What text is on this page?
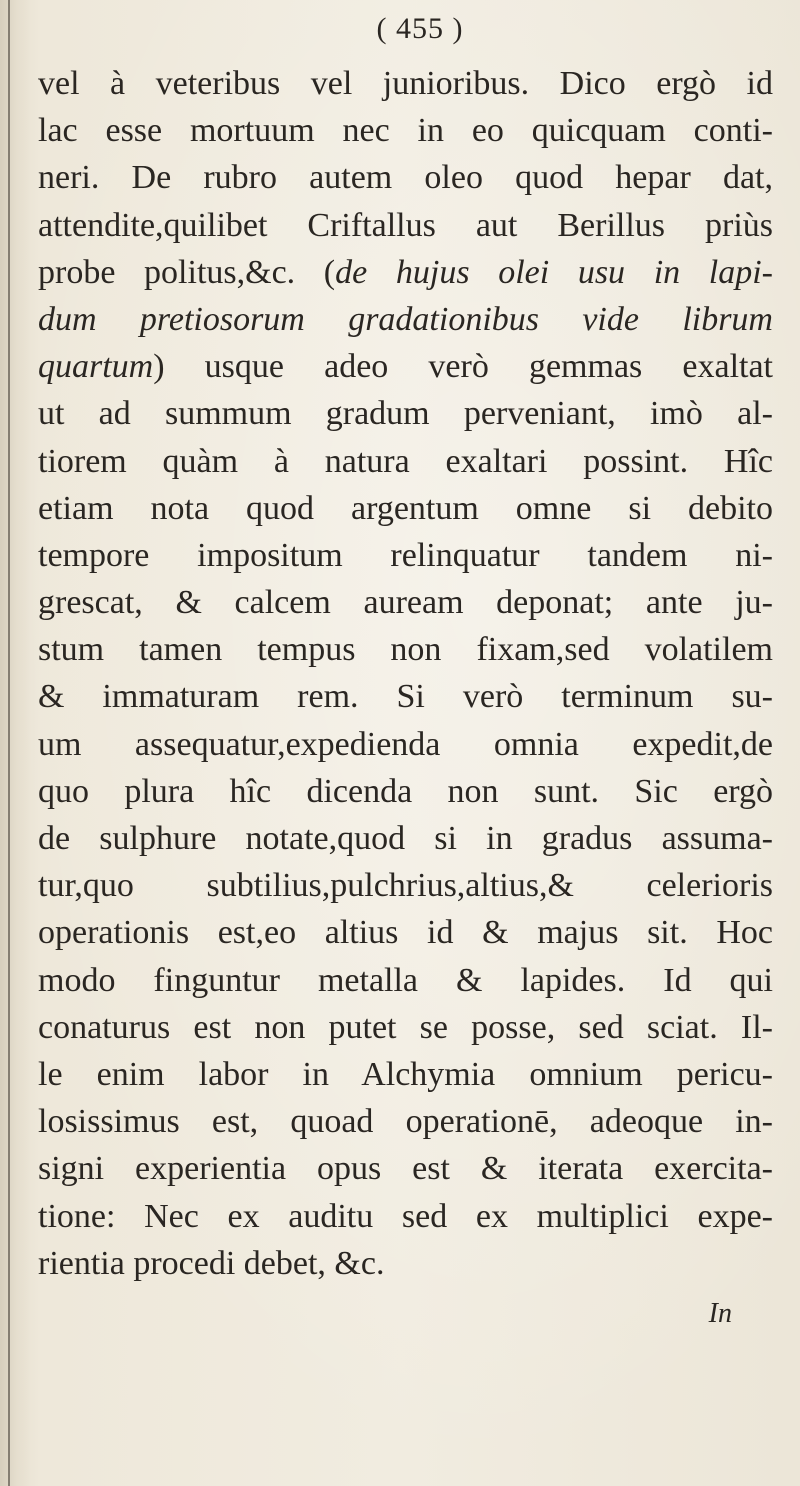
( 455 )
vel à veteribus vel junioribus. Dico ergò id
lac esse mortuum nec in eo quicquam conti-
neri. De rubro autem oleo quod hepar dat,
attendite,quilibet Criftallus aut Berillus priùs
probe politus,&c. (de hujus olei usu in lapi-
dum pretiosorum gradationibus vide librum
quartum) usque adeo verò gemmas exaltat
ut ad summum gradum perveniant, imò al-
tiorem quàm à natura exaltari possint. Hîc
etiam nota quod argentum omne si debito
tempore impositum relinquatur tandem ni-
grescat, & calcem auream deponat; ante ju-
stum tamen tempus non fixam,sed volatilem
& immaturam rem. Si verò terminum su-
um assequatur,expedienda omnia expedit,de
quo plura hîc dicenda non sunt. Sic ergò
de sulphure notate,quod si in gradus assuma-
tur,quo subtilius,pulchrius,altius,& celerioris
operationis est,eo altius id & majus sit. Hoc
modo finguntur metalla & lapides. Id qui
conaturus est non putet se posse, sed sciat. Il-
le enim labor in Alchymia omnium pericu-
losissimus est, quoad operationē, adeoque in-
signi experientia opus est & iterata exercita-
tione: Nec ex auditu sed ex multiplici expe-
rientia procedi debet, &c.
In
